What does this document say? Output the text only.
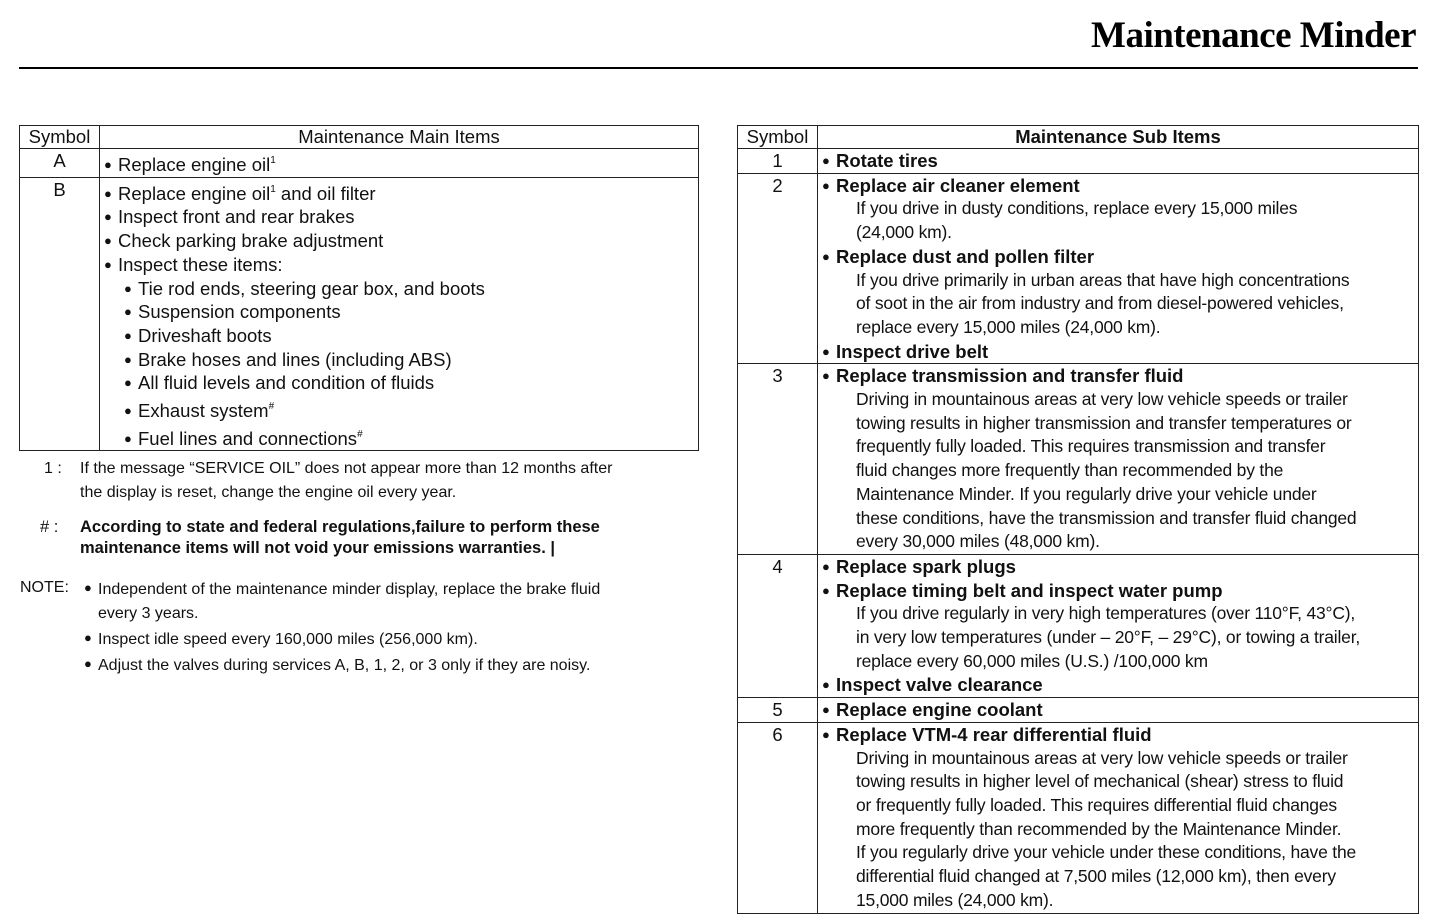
Maintenance Minder
Symbol	Maintenance Main Items
A	● Replace engine oil$^1$

B	● Replace engine oil$^1$ and oil filter
● Inspect front and rear brakes
● Check parking brake adjustment
● Inspect these items:
● Tie rod ends, steering gear box, and boots
● Suspension components
● Driveshaft boots
● Brake hoses and lines (including ABS)
● All fluid levels and condition of fluids
● Exhaust system#
● Fuel lines and connections#
1 : If the message “SERVICE OIL” does not appear more than 12 months after
the display is reset, change the engine oil every year.
# : According to state and federal regulations,failure to perform these
maintenance items will not void your emissions warranties. |
NOTE: ● Independent of the maintenance minder display, replace the brake fluid
every 3 years.
● Inspect idle speed every 160,000 miles (256,000 km).
● Adjust the valves during services A, B, 1, 2, or 3 only if they are noisy.
Symbol	Maintenance Sub Items
1	● Rotate tires

2	● Replace air cleaner element
If you drive in dusty conditions, replace every 15,000 miles
(24,000 km).
● Replace dust and pollen filter
If you drive primarily in urban areas that have high concentrations
of soot in the air from industry and from diesel-powered vehicles,
replace every 15,000 miles (24,000 km).
● Inspect drive belt

3	● Replace transmission and transfer fluid
Driving in mountainous areas at very low vehicle speeds or trailer
towing results in higher transmission and transfer temperatures or
frequently fully loaded. This requires transmission and transfer
fluid changes more frequently than recommended by the
Maintenance Minder. If you regularly drive your vehicle under
these conditions, have the transmission and transfer fluid changed
every 30,000 miles (48,000 km).

4	● Replace spark plugs
● Replace timing belt and inspect water pump
If you drive regularly in very high temperatures (over 110°F, 43°C),
in very low temperatures (under – 20°F, – 29°C), or towing a trailer,
replace every 60,000 miles (U.S.) /100,000 km
● Inspect valve clearance

5	● Replace engine coolant

6	● Replace VTM-4 rear differential fluid
Driving in mountainous areas at very low vehicle speeds or trailer
towing results in higher level of mechanical (shear) stress to fluid
or frequently fully loaded. This requires differential fluid changes
more frequently than recommended by the Maintenance Minder.
If you regularly drive your vehicle under these conditions, have the
differential fluid changed at 7,500 miles (12,000 km), then every
15,000 miles (24,000 km).
